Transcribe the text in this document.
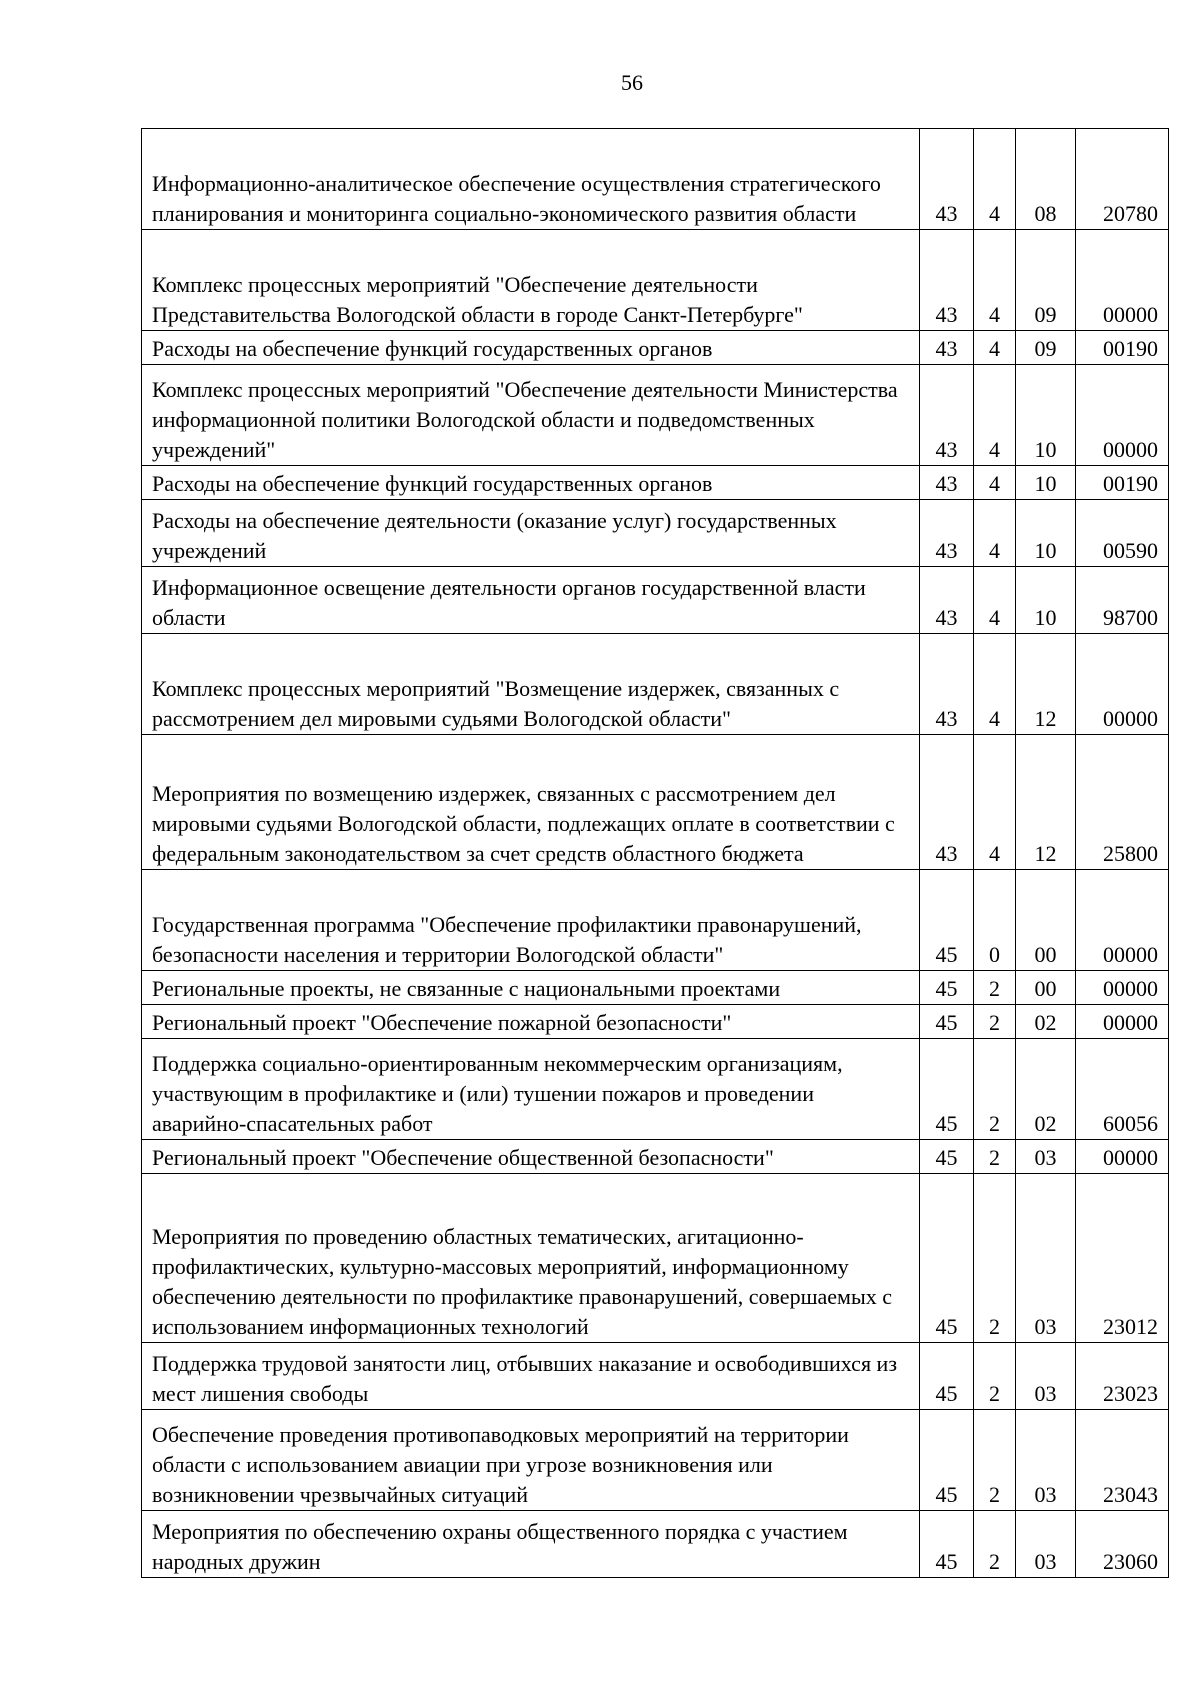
56
Информационно-аналитическое обеспечение осуществления стратегического планирования и мониторинга социально-экономического развития области	43	4	08	20780
Комплекс процессных мероприятий "Обеспечение деятельности Представительства Вологодской области в городе Санкт-Петербурге"	43	4	09	00000
Расходы на обеспечение функций государственных органов	43	4	09	00190
Комплекс процессных мероприятий "Обеспечение деятельности Министерства информационной политики Вологодской области и подведомственных учреждений"	43	4	10	00000
Расходы на обеспечение функций государственных органов	43	4	10	00190
Расходы на обеспечение деятельности (оказание услуг) государственных учреждений	43	4	10	00590
Информационное освещение деятельности органов государственной власти области	43	4	10	98700
Комплекс процессных мероприятий "Возмещение издержек, связанных с рассмотрением дел мировыми судьями Вологодской области"	43	4	12	00000
Мероприятия по возмещению издержек, связанных с рассмотрением дел мировыми судьями Вологодской области, подлежащих оплате в соответствии с федеральным законодательством за счет средств областного бюджета	43	4	12	25800
Государственная программа "Обеспечение профилактики правонарушений, безопасности населения и территории Вологодской области"	45	0	00	00000
Региональные проекты, не связанные с национальными проектами	45	2	00	00000
Региональный проект "Обеспечение пожарной безопасности"	45	2	02	00000
Поддержка социально-ориентированным некоммерческим организациям, участвующим в профилактике и (или) тушении пожаров и проведении аварийно-спасательных работ	45	2	02	60056
Региональный проект "Обеспечение общественной безопасности"	45	2	03	00000
Мероприятия по проведению областных тематических, агитационно-профилактических, культурно-массовых мероприятий, информационному обеспечению деятельности по профилактике правонарушений, совершаемых с использованием информационных технологий	45	2	03	23012
Поддержка трудовой занятости лиц, отбывших наказание и освободившихся из мест лишения свободы	45	2	03	23023
Обеспечение проведения противопаводковых мероприятий на территории области с использованием авиации при угрозе возникновения или возникновении чрезвычайных ситуаций	45	2	03	23043
Мероприятия по обеспечению охраны общественного порядка с участием народных дружин	45	2	03	23060
